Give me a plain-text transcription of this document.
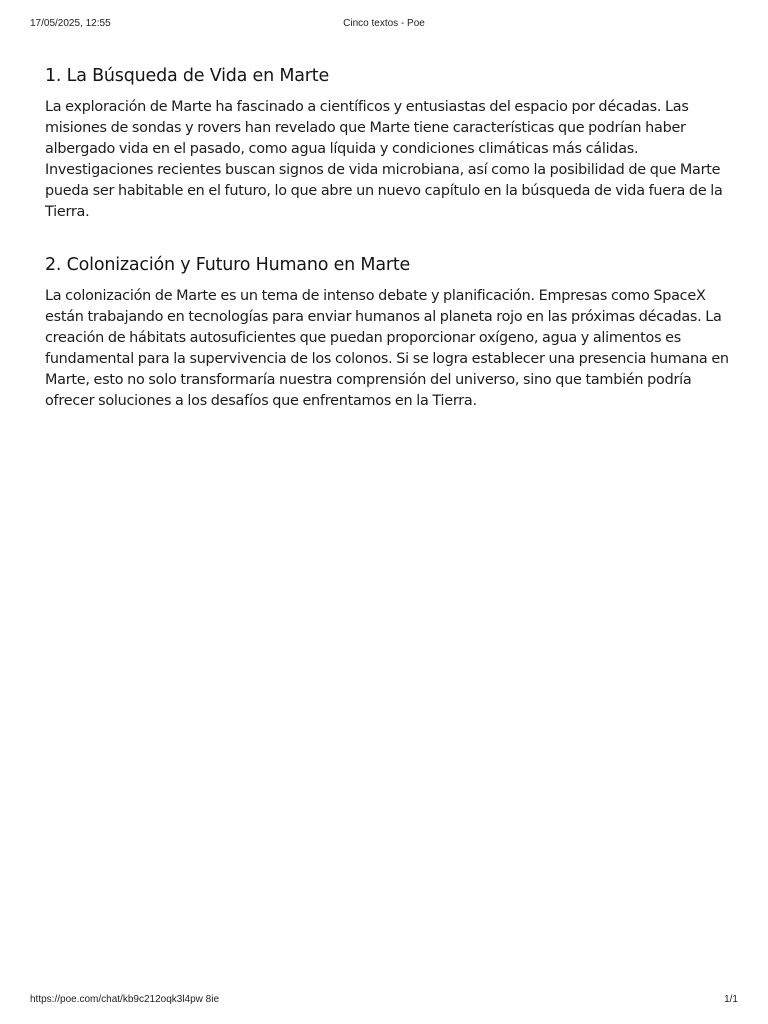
17/05/2025, 12:55	Cinco textos - Poe
1. La Búsqueda de Vida en Marte

La exploración de Marte ha fascinado a científicos y entusiastas del espacio por décadas. Las misiones de sondas y rovers han revelado que Marte tiene características que podrían haber albergado vida en el pasado, como agua líquida y condiciones climáticas más cálidas. Investigaciones recientes buscan signos de vida microbiana, así como la posibilidad de que Marte pueda ser habitable en el futuro, lo que abre un nuevo capítulo en la búsqueda de vida fuera de la Tierra.

2. Colonización y Futuro Humano en Marte

La colonización de Marte es un tema de intenso debate y planificación. Empresas como SpaceX están trabajando en tecnologías para enviar humanos al planeta rojo en las próximas décadas. La creación de hábitats autosuficientes que puedan proporcionar oxígeno, agua y alimentos es fundamental para la supervivencia de los colonos. Si se logra establecer una presencia humana en Marte, esto no solo transformaría nuestra comprensión del universo, sino que también podría ofrecer soluciones a los desafíos que enfrentamos en la Tierra.

https://poe.com/chat/kb9c212oqk3l4pw 8ie	1/1
